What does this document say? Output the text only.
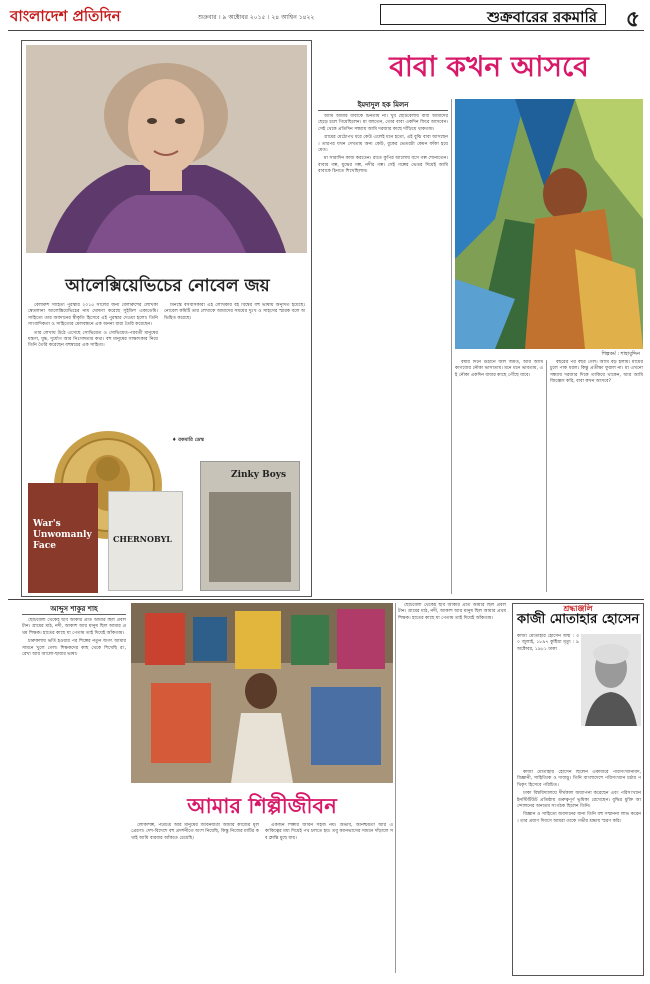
বাংলাদেশ প্রতিদিন	শুক্রবার । ৯ অক্টোবর ২০১৫ । ২৪ আশ্বিন ১৪২২	শুক্রবারের রকমারি ৫
আলেক্সিয়েভিচের নোবেল জয়

বেলারুশ সাহিত্য পুরস্কার ২০১৫ সালের জন্য বেলারুশের লেখিকা স্বেতলানা আলেক্সিয়েভিচের নাম ঘোষণা করেছে সুইডিশ একাডেমি। সাহিত্যে তার অবদানের স্বীকৃতি হিসেবে এই পুরস্কার দেওয়া হলো। তিনি সাংবাদিকতা ও সাহিত্যের মেলবন্ধনে এক অনন্য ধারা তৈরি করেছেন।

তার লেখায় উঠে এসেছে সোভিয়েত ও সোভিয়েত-পরবর্তী মানুষের যন্ত্রণা, যুদ্ধ, দুর্যোগ আর নিঃসঙ্গতার কথা। বহু মানুষের সাক্ষাৎকার নিয়ে তিনি তৈরি করেছেন বহুস্বরের এক সাহিত্য।

মিনস্কে বসবাসকারী এই লেখিকার বই বিশ্বের বহু ভাষায় অনূদিত হয়েছে। নোবেল কমিটি তার লেখাকে আমাদের সময়ের দুঃখ ও সাহসের স্মারক বলে অভিহিত করেছে।

♦ রকমারি ডেস্ক
War's Unwomanly Face
CHERNOBYL
Zinky Boys
বাবা কখন আসবে
ইমদাদুল হক মিলন

আমি আমার বাবাকে চিনতাম না। খুব ছোটবেলায় বাবা আমাদের ছেড়ে চলে গিয়েছিলেন। মা বলতেন, তোর বাবা একদিন ফিরে আসবেন। সেই থেকে প্রতিদিন সন্ধ্যায় আমি দরজার কাছে দাঁড়িয়ে থাকতাম।

গ্রামের মেঠোপথ ধরে কেউ এলেই মনে হতো, এই বুঝি বাবা আসছেন। তারপর যখন দেখতাম অন্য কেউ, বুকের ভেতরটা কেমন ফাঁকা হয়ে যেত।

মা সারাদিন কাজ করতেন। রাতে কুপির আলোয় বসে গল্প শোনাতেন। বাবার গল্প, যুদ্ধের গল্প, নদীর গল্প। সেই গল্পের ভেতর দিয়েই আমি বাবাকে চিনতে শিখেছিলাম।

শিল্পকর্ম : শাহাবুদ্দিন

বর্ষার দিনে উঠানে জল জমত, আর আমি কাগজের নৌকা ভাসাতাম। মনে মনে ভাবতাম, এই নৌকা একদিন বাবার কাছে পৌঁছে যাবে।

বছরের পর বছর গেল। আমি বড় হলাম। মায়ের চুলে পাক ধরল। কিন্তু প্রতীক্ষা ফুরাল না। মা এখনো সন্ধ্যায় দরজার দিকে তাকিয়ে থাকেন, আর আমি জিজ্ঞেস করি, বাবা কখন আসবে?

আব্দুস শাকুর শাহ

ছোটবেলা থেকেই ছবি আঁকার প্রতি আমার ছিল প্রবল টান। গ্রামের মাঠ, নদী, আকাশ আর মানুষ ছিল আমার প্রথম শিক্ষক। হাতের কাছে যা পেতাম তাই দিয়েই আঁকতাম।

চারুকলায় ভর্তি হওয়ার পর শিল্পের নতুন জগৎ আমার সামনে খুলে গেল। শিক্ষকদের কাছ থেকে শিখেছি রং, রেখা আর আলো-ছায়ার ভাষা।

আমার শিল্পীজীবন

লোকশিল্প, পটচিত্র আর মানুষের জীবনযাত্রা আমার কাজের মূল প্রেরণা। দেশ-বিদেশে বহু প্রদর্শনীতে অংশ নিয়েছি, কিন্তু নিজের মাটির কথাই আমি বারবার আঁকতে চেয়েছি।

একজন শিল্পীর জীবন সহজ নয়। অভাব, অনিশ্চয়তা আর একাকিত্বের মধ্য দিয়েই পথ চলতে হয়। তবু ক্যানভাসের সামনে দাঁড়ালে সব ক্লান্তি মুছে যায়।

ছোটবেলা থেকেই ছবি আঁকার প্রতি আমার ছিল প্রবল টান। গ্রামের মাঠ, নদী, আকাশ আর মানুষ ছিল আমার প্রথম শিক্ষক। হাতের কাছে যা পেতাম তাই দিয়েই আঁকতাম।

শ্রদ্ধাঞ্জলি
কাজী মোতাহার হোসেন
কাজী মোতাহার হোসেন জন্ম : ৩০ জুলাই, ১৮৯৭ কুষ্টিয়া মৃত্যু : ৯ অক্টোবর, ১৯৮১ ঢাকা

কাজী মোতাহার হোসেন ছিলেন একাধারে পরিসংখ্যানবিদ, বিজ্ঞানী, সাহিত্যিক ও দাবাড়ু। তিনি বাংলাদেশে পরিসংখ্যান চর্চার পথিকৃৎ হিসেবে পরিচিত।

ঢাকা বিশ্ববিদ্যালয়ে দীর্ঘকাল অধ্যাপনা করেছেন এবং পরিসংখ্যান ইনস্টিটিউট প্রতিষ্ঠায় গুরুত্বপূর্ণ ভূমিকা রেখেছেন। বুদ্ধির মুক্তি আন্দোলনের অন্যতম সংগঠক ছিলেন তিনি।

বিজ্ঞান ও সাহিত্যে অবদানের জন্য তিনি বহু সম্মাননা লাভ করেন। তার প্রয়াণ দিবসে আমরা তাকে গভীর শ্রদ্ধায় স্মরণ করি।
